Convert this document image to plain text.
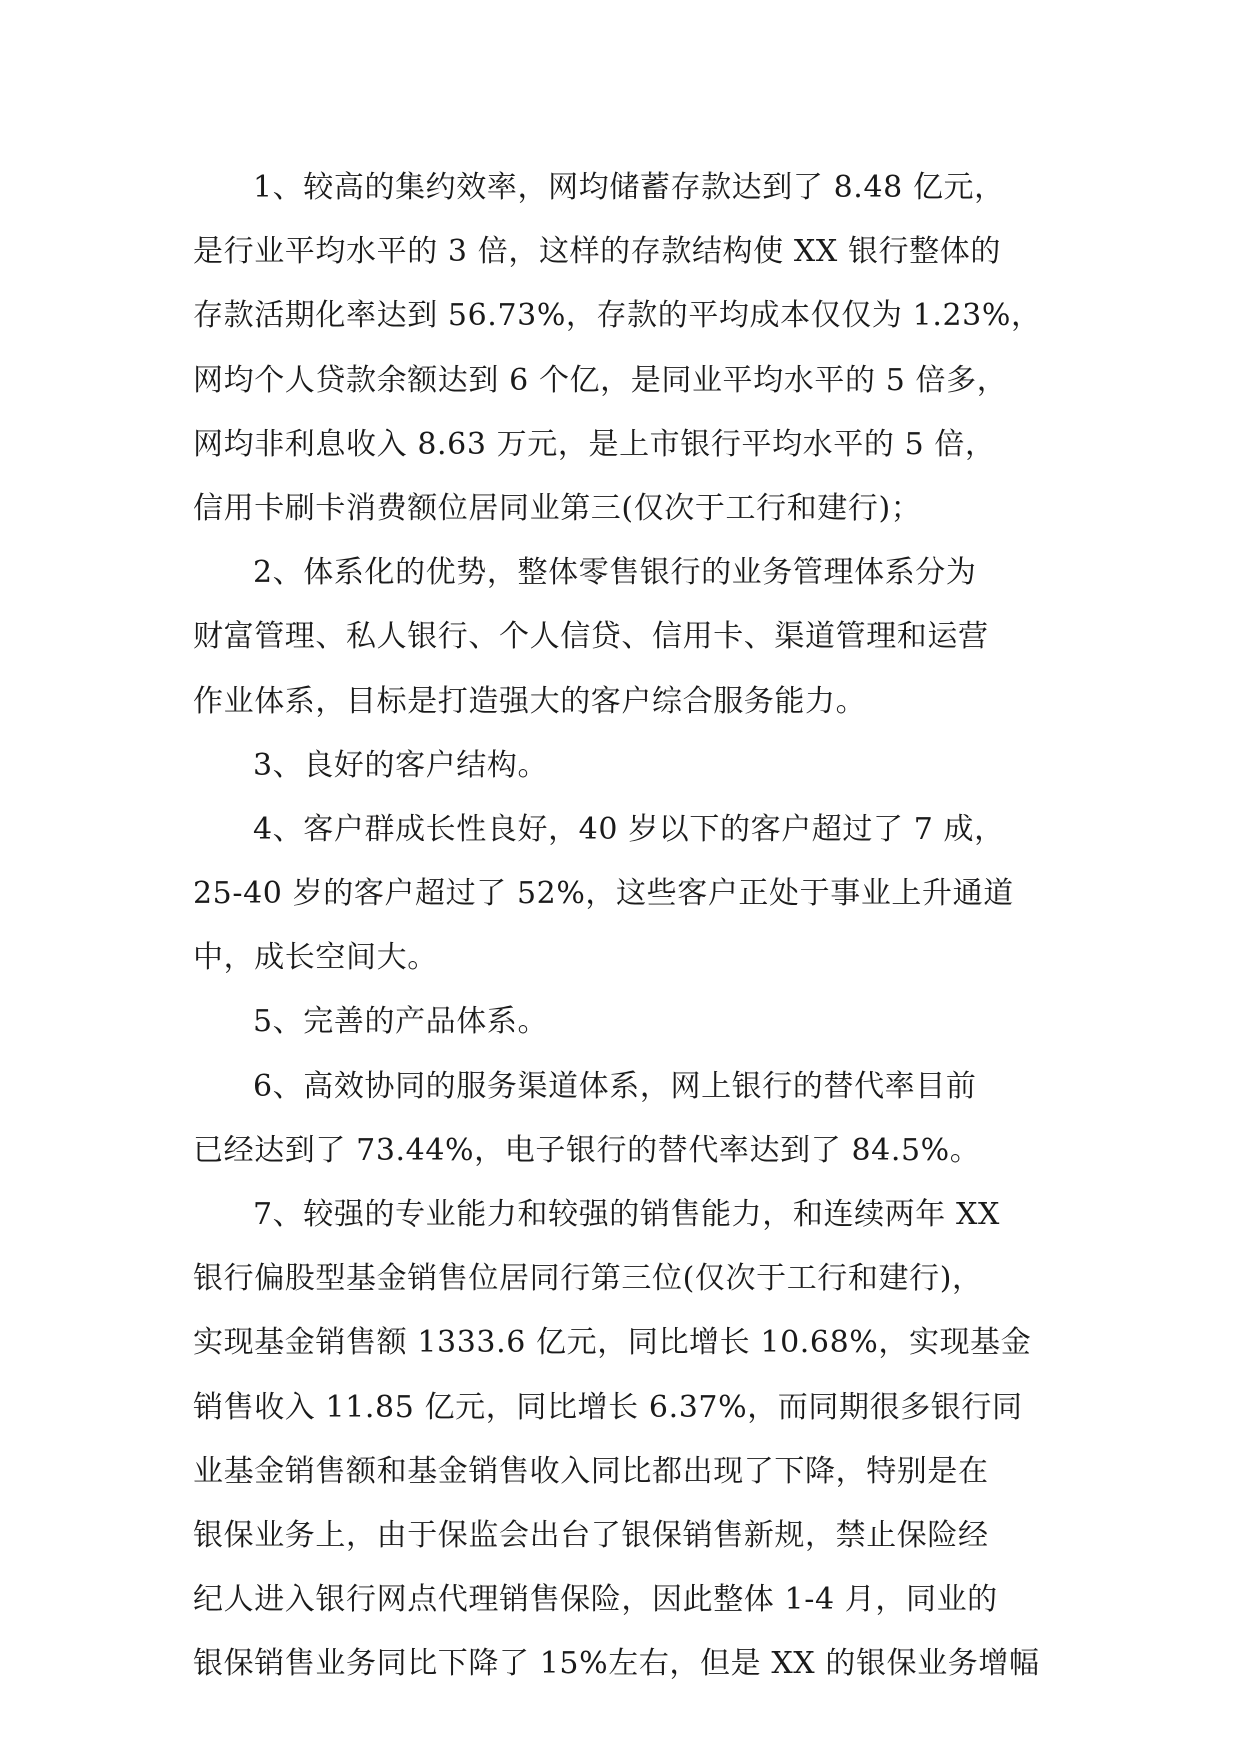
1、较高的集约效率，网均储蓄存款达到了 8.48 亿元，
是行业平均水平的 3 倍，这样的存款结构使 XX 银行整体的
存款活期化率达到 56.73%，存款的平均成本仅仅为 1.23%，
网均个人贷款余额达到 6 个亿，是同业平均水平的 5 倍多，
网均非利息收入 8.63 万元，是上市银行平均水平的 5 倍，
信用卡刷卡消费额位居同业第三(仅次于工行和建行)；
2、体系化的优势，整体零售银行的业务管理体系分为
财富管理、私人银行、个人信贷、信用卡、渠道管理和运营
作业体系，目标是打造强大的客户综合服务能力。
3、良好的客户结构。
4、客户群成长性良好，40 岁以下的客户超过了 7 成，
25-40 岁的客户超过了 52%，这些客户正处于事业上升通道
中，成长空间大。
5、完善的产品体系。
6、高效协同的服务渠道体系，网上银行的替代率目前
已经达到了 73.44%，电子银行的替代率达到了 84.5%。
7、较强的专业能力和较强的销售能力，和连续两年 XX
银行偏股型基金销售位居同行第三位(仅次于工行和建行)，
实现基金销售额 1333.6 亿元，同比增长 10.68%，实现基金
销售收入 11.85 亿元，同比增长 6.37%，而同期很多银行同
业基金销售额和基金销售收入同比都出现了下降，特别是在
银保业务上，由于保监会出台了银保销售新规，禁止保险经
纪人进入银行网点代理销售保险，因此整体 1-4 月，同业的
银保销售业务同比下降了 15%左右，但是 XX 的银保业务增幅
